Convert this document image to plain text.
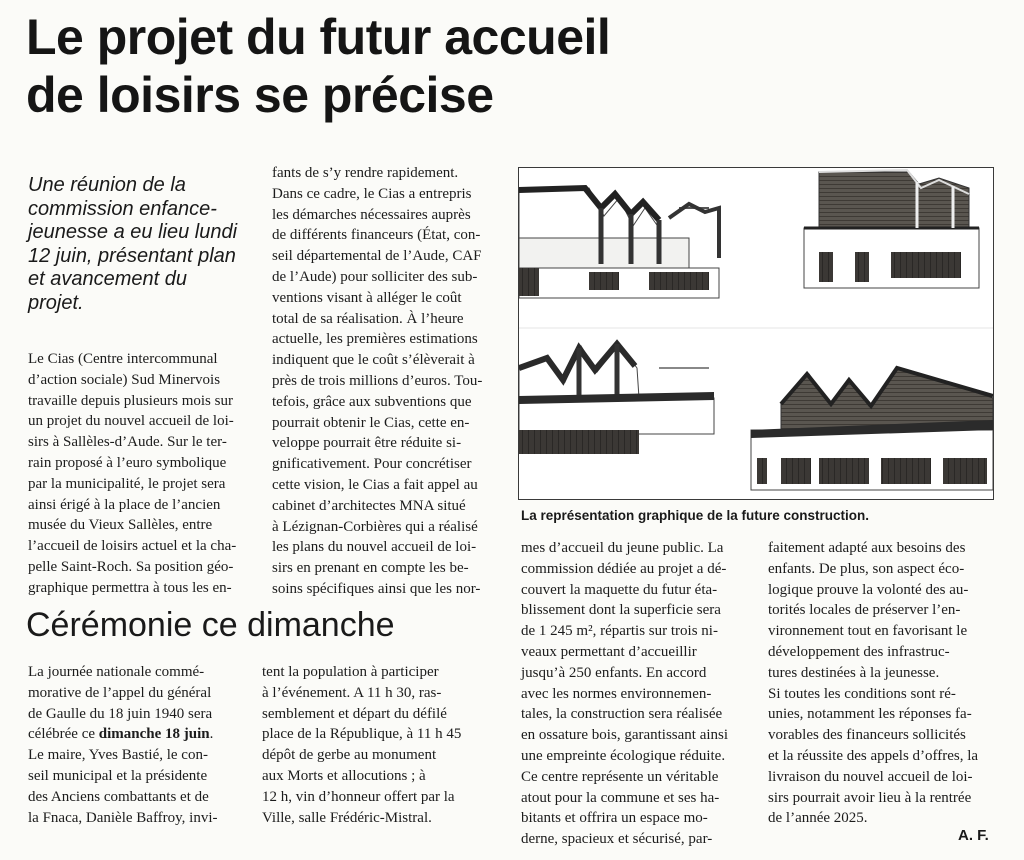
Le projet du futur accueil
de loisirs se précise
Une réunion de la
commission enfance-
jeunesse a eu lieu lundi
12 juin, présentant plan
et avancement du
projet.
Le Cias (Centre intercommunal
d’action sociale) Sud Minervois
travaille depuis plusieurs mois sur
un projet du nouvel accueil de loi-
sirs à Sallèles-d’Aude. Sur le ter-
rain proposé à l’euro symbolique
par la municipalité, le projet sera
ainsi érigé à la place de l’ancien
musée du Vieux Sallèles, entre
l’accueil de loisirs actuel et la cha-
pelle Saint-Roch. Sa position géo-
graphique permettra à tous les en-
fants de s’y rendre rapidement.
Dans ce cadre, le Cias a entrepris
les démarches nécessaires auprès
de différents financeurs (État, con-
seil départemental de l’Aude, CAF
de l’Aude) pour solliciter des sub-
ventions visant à alléger le coût
total de sa réalisation. À l’heure
actuelle, les premières estimations
indiquent que le coût s’élèverait à
près de trois millions d’euros. Tou-
tefois, grâce aux subventions que
pourrait obtenir le Cias, cette en-
veloppe pourrait être réduite si-
gnificativement. Pour concrétiser
cette vision, le Cias a fait appel au
cabinet d’architectes MNA situé
à Lézignan-Corbières qui a réalisé
les plans du nouvel accueil de loi-
sirs en prenant en compte les be-
soins spécifiques ainsi que les nor-
La représentation graphique de la future construction.
mes d’accueil du jeune public. La
commission dédiée au projet a dé-
couvert la maquette du futur éta-
blissement dont la superficie sera
de 1 245 m², répartis sur trois ni-
veaux permettant d’accueillir
jusqu’à 250 enfants. En accord
avec les normes environnemen-
tales, la construction sera réalisée
en ossature bois, garantissant ainsi
une empreinte écologique réduite.
Ce centre représente un véritable
atout pour la commune et ses ha-
bitants et offrira un espace mo-
derne, spacieux et sécurisé, par-
faitement adapté aux besoins des
enfants. De plus, son aspect éco-
logique prouve la volonté des au-
torités locales de préserver l’en-
vironnement tout en favorisant le
développement des infrastruc-
tures destinées à la jeunesse.
Si toutes les conditions sont ré-
unies, notamment les réponses fa-
vorables des financeurs sollicités
et la réussite des appels d’offres, la
livraison du nouvel accueil de loi-
sirs pourrait avoir lieu à la rentrée
de l’année 2025.
Cérémonie ce dimanche
La journée nationale commé-
morative de l’appel du général
de Gaulle du 18 juin 1940 sera
célébrée ce dimanche 18 juin.
Le maire, Yves Bastié, le con-
seil municipal et la présidente
des Anciens combattants et de
la Fnaca, Danièle Baffroy, invi-
tent la population à participer
à l’événement. A 11 h 30, ras-
semblement et départ du défilé
place de la République, à 11 h 45
dépôt de gerbe au monument
aux Morts et allocutions ; à
12 h, vin d’honneur offert par la
Ville, salle Frédéric-Mistral.
A. F.
